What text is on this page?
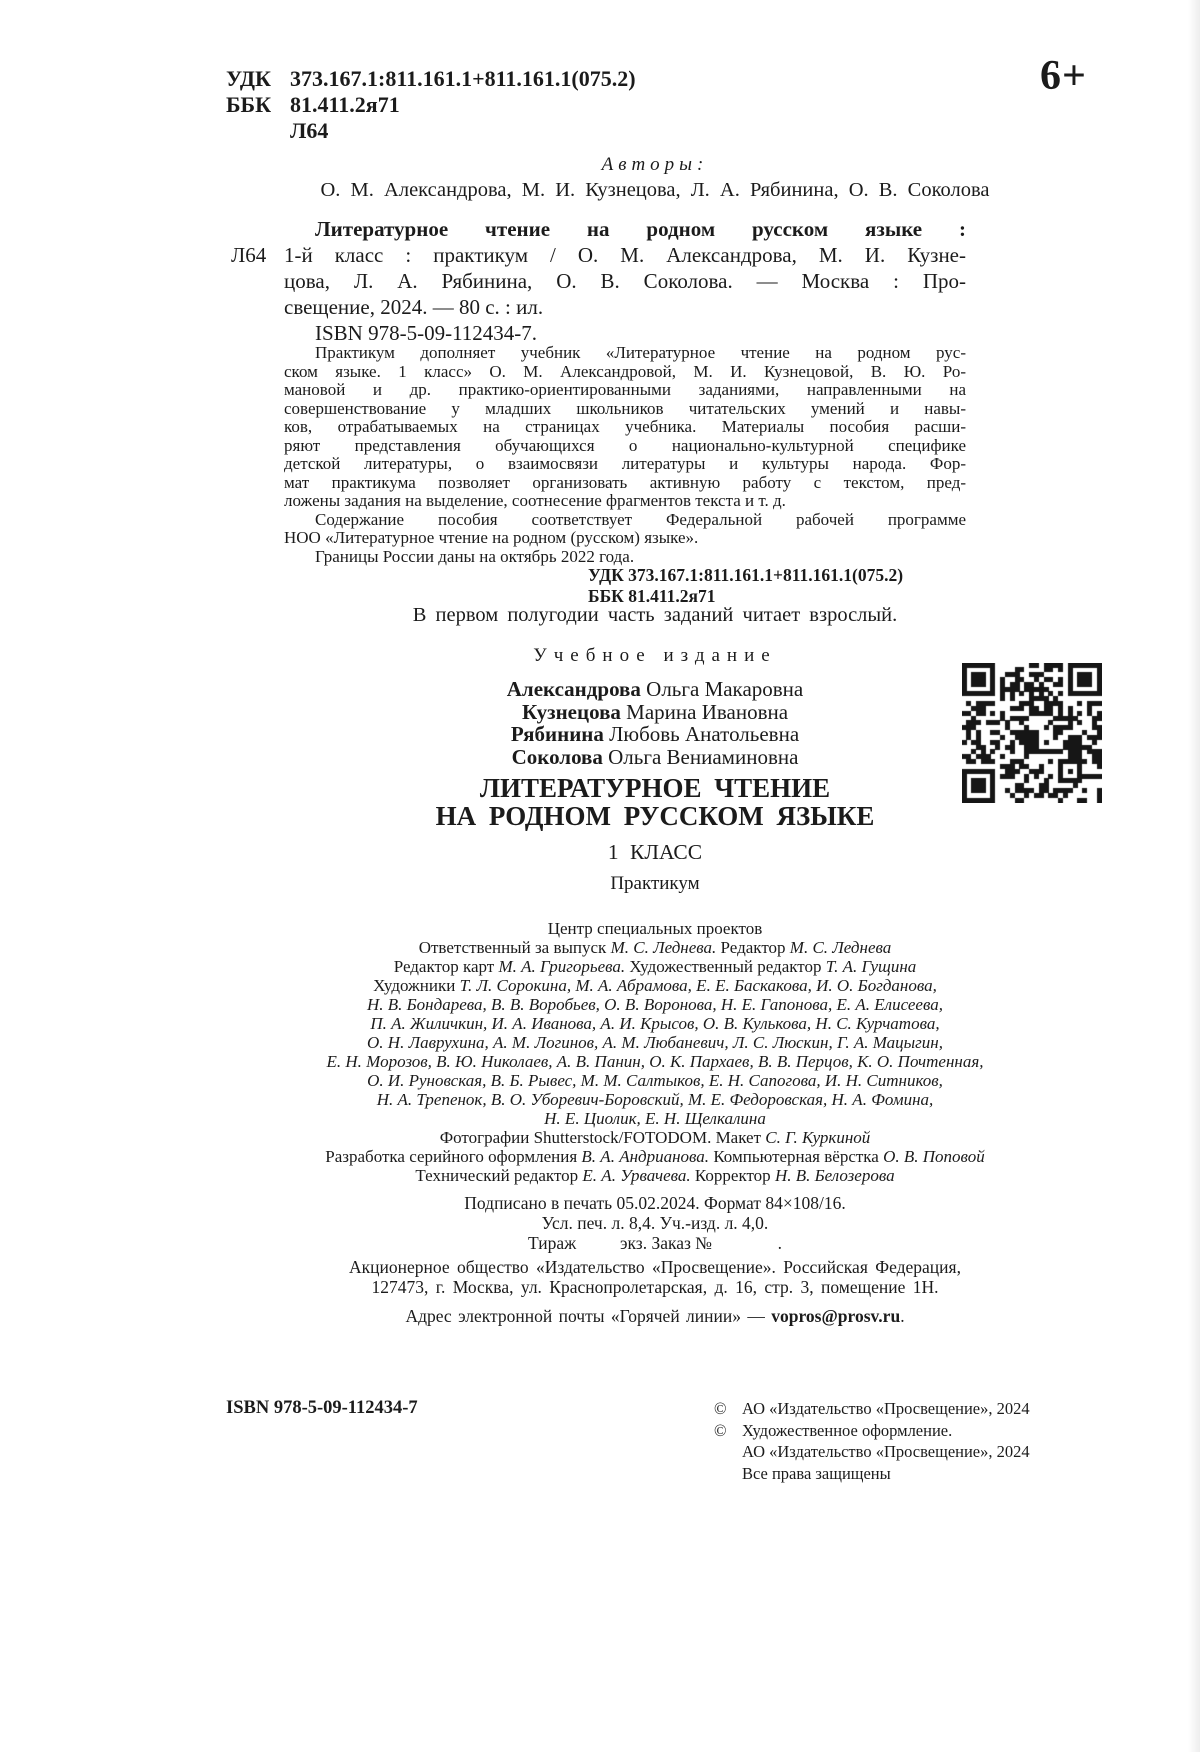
УДК 373.167.1:811.161.1+811.161.1(075.2)
ББК 81.411.2я71
Л64
6+
Авторы:
О. М. Александрова, М. И. Кузнецова, Л. А. Рябинина, О. В. Соколова
Л64
Литературное чтение на родном русском языке :
1-й класс : практикум / О. М. Александрова, М. И. Кузне-
цова, Л. А. Рябинина, О. В. Соколова. — Москва : Про-
свещение, 2024. — 80 с. : ил.
ISBN 978-5-09-112434-7.
Практикум дополняет учебник «Литературное чтение на родном рус-
ском языке. 1 класс» О. М. Александровой, М. И. Кузнецовой, В. Ю. Ро-
мановой и др. практико-ориентированными заданиями, направленными на
совершенствование у младших школьников читательских умений и навы-
ков, отрабатываемых на страницах учебника. Материалы пособия расши-
ряют представления обучающихся о национально-культурной специфике
детской литературы, о взаимосвязи литературы и культуры народа. Фор-
мат практикума позволяет организовать активную работу с текстом, пред-
ложены задания на выделение, соотнесение фрагментов текста и т. д.
Содержание пособия соответствует Федеральной рабочей программе
НОО «Литературное чтение на родном (русском) языке».
Границы России даны на октябрь 2022 года.
УДК 373.167.1:811.161.1+811.161.1(075.2)
ББК 81.411.2я71
В первом полугодии часть заданий читает взрослый.
Учебное издание
Александрова Ольга Макаровна
Кузнецова Марина Ивановна
Рябинина Любовь Анатольевна
Соколова Ольга Вениаминовна
ЛИТЕРАТУРНОЕ ЧТЕНИЕ
НА РОДНОМ РУССКОМ ЯЗЫКЕ
1 КЛАСС
Практикум
Центр специальных проектов
Ответственный за выпуск М. С. Леднева. Редактор М. С. Леднева
Редактор карт М. А. Григорьева. Художественный редактор Т. А. Гущина
Художники Т. Л. Сорокина, М. А. Абрамова, Е. Е. Баскакова, И. О. Богданова,
Н. В. Бондарева, В. В. Воробьев, О. В. Воронова, Н. Е. Гапонова, Е. А. Елисеева,
П. А. Жиличкин, И. А. Иванова, А. И. Крысов, О. В. Кулькова, Н. С. Курчатова,
О. Н. Лаврухина, А. М. Логинов, А. М. Любаневич, Л. С. Люскин, Г. А. Мацыгин,
Е. Н. Морозов, В. Ю. Николаев, А. В. Панин, О. К. Пархаев, В. В. Перцов, К. О. Почтенная,
О. И. Руновская, В. Б. Рывес, М. М. Салтыков, Е. Н. Сапогова, И. Н. Ситников,
Н. А. Трепенок, В. О. Уборевич-Боровский, М. Е. Федоровская, Н. А. Фомина,
Н. Е. Циолик, Е. Н. Щелкалина
Фотографии Shutterstock/FOTODOM. Макет С. Г. Куркиной
Разработка серийного оформления В. А. Андрианова. Компьютерная вёрстка О. В. Поповой
Технический редактор Е. А. Урвачева. Корректор Н. В. Белозерова
Подписано в печать 05.02.2024. Формат 84×108/16.
Усл. печ. л. 8,4. Уч.-изд. л. 4,0.
Тираж          экз. Заказ №               .
Акционерное общество «Издательство «Просвещение». Российская Федерация,
127473, г. Москва, ул. Краснопролетарская, д. 16, стр. 3, помещение 1Н.
Адрес электронной почты «Горячей линии» — vopros@prosv.ru.
ISBN 978-5-09-112434-7	© АО «Издательство «Просвещение», 2024
© Художественное оформление.
АО «Издательство «Просвещение», 2024
Все права защищены
